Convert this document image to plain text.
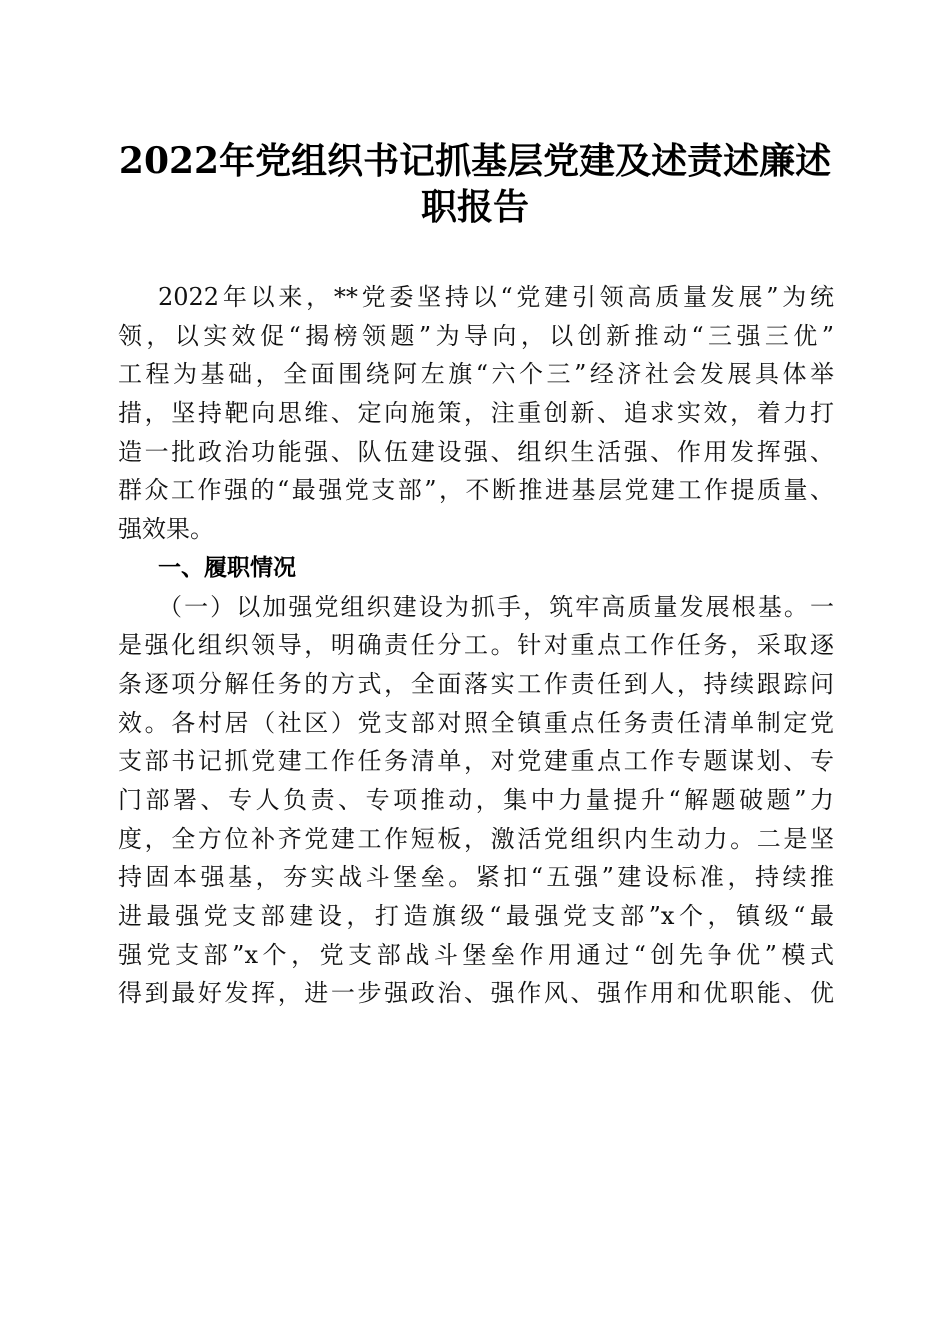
2022年党组织书记抓基层党建及述责述廉述
职报告
2022年以来，**党委坚持以“党建引领高质量发展”为统
领，以实效促“揭榜领题”为导向，以创新推动“三强三优”
工程为基础，全面围绕阿左旗“六个三”经济社会发展具体举
措，坚持靶向思维、定向施策，注重创新、追求实效，着力打
造一批政治功能强、队伍建设强、组织生活强、作用发挥强、
群众工作强的“最强党支部”，不断推进基层党建工作提质量、
强效果。
一、履职情况
（一）以加强党组织建设为抓手，筑牢高质量发展根基。一
是强化组织领导，明确责任分工。针对重点工作任务，采取逐
条逐项分解任务的方式，全面落实工作责任到人，持续跟踪问
效。各村居（社区）党支部对照全镇重点任务责任清单制定党
支部书记抓党建工作任务清单，对党建重点工作专题谋划、专
门部署、专人负责、专项推动，集中力量提升“解题破题”力
度，全方位补齐党建工作短板，激活党组织内生动力。二是坚
持固本强基，夯实战斗堡垒。紧扣“五强”建设标准，持续推
进最强党支部建设，打造旗级“最强党支部”x个，镇级“最
强党支部”x个，党支部战斗堡垒作用通过“创先争优”模式
得到最好发挥，进一步强政治、强作风、强作用和优职能、优
